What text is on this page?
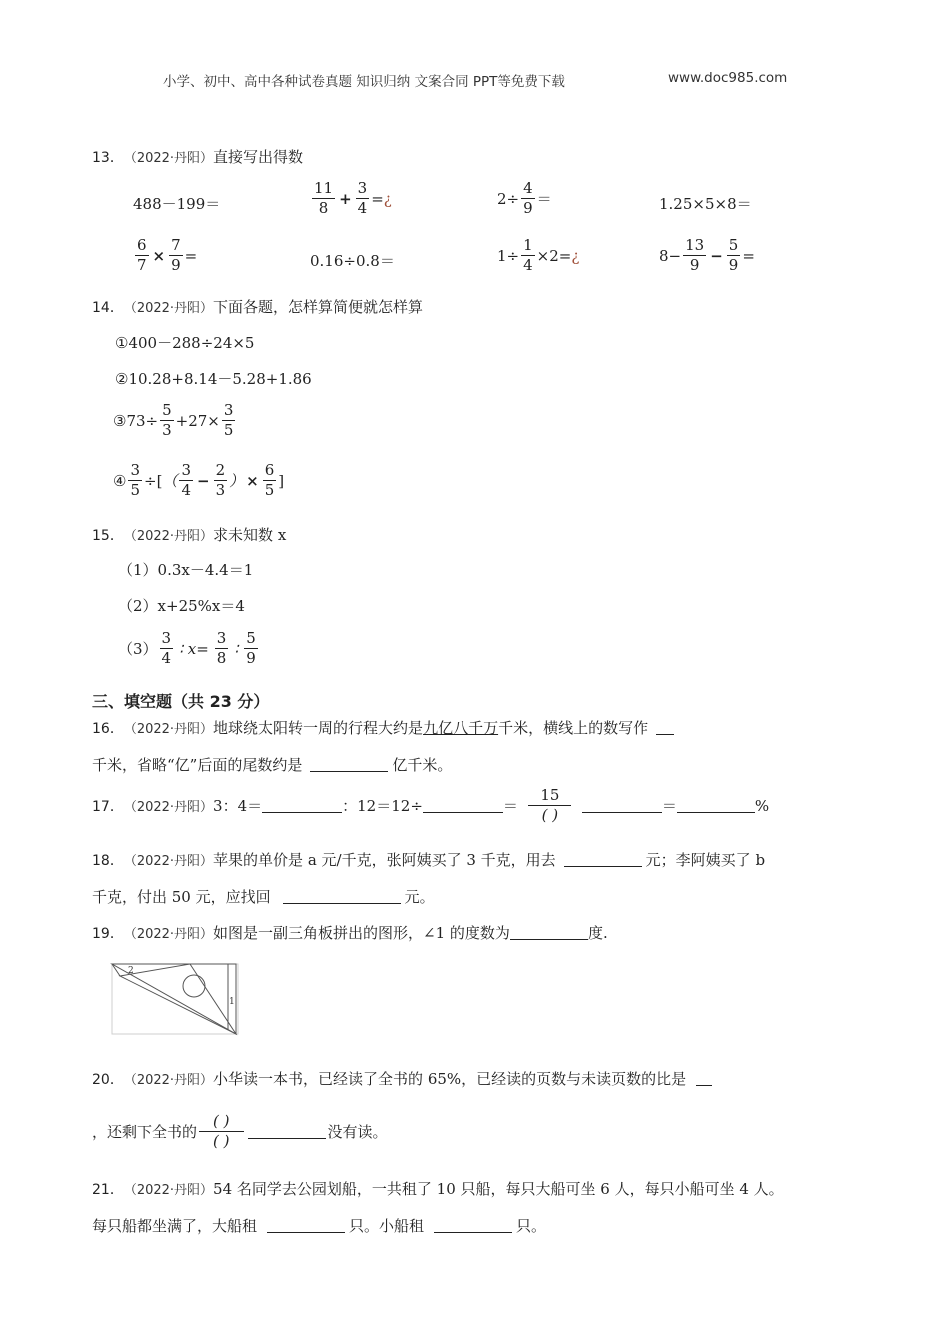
小学、初中、高中各种试卷真题 知识归纳 文案合同 PPT等免费下载	www.doc985.com
13． （2022·丹阳） 直接写出得数
488－199＝	$\frac{11}{8} + \frac{3}{4}$ = ¿	$2\div \frac{4}{9}$ ＝	1.25×5×8＝
$\frac{6}{7} \times \frac{7}{9}$ =	0.16÷0.8＝	$1\div \frac{1}{4} \times 2=$ ¿	$8- \frac{13}{9} - \frac{5}{9}$ =
14． （2022·丹阳） 下面各题，怎样算简便就怎样算
①400－288÷24×5
②10.28+8.14－5.28+1.86
③73÷ $\frac{5}{3} +27\times \frac{3}{5}$
④ $\frac{3}{5}$ ÷[ （ $\frac{3}{4} - \frac{2}{3}$ ） × $\frac{6}{5}$ ]
15． （2022·丹阳） 求未知数 x
（1）0.3x－4.4＝1
（2）x+25%x＝4
$(3) \frac{3}{4}$ ∶ $x= \frac{3}{8}$ ∶ $\frac{5}{9}$
三、填空题（共 23 分）
16． （2022·丹阳） 地球绕太阳转一周的行程大约是 九亿八千万 千米，横线上的数写作
千米，省略“亿”后面的尾数约是	亿千米。
17． （2022·丹阳） 3：4＝	：12＝12÷	＝ $\frac{15}{( )}$	＝	%
18． （2022·丹阳） 苹果的单价是 a 元/千克，张阿姨买了 3 千克，用去	元；李阿姨买了 b
千克，付出 50 元，应找回	元。
19． （2022·丹阳） 如图是一副三角板拼出的图形，∠1 的度数为	度.
2
1
20． （2022·丹阳） 小华读一本书，已经读了全书的 65%，已经读的页数与未读页数的比是
，还剩下全书的 $\frac{( )}{( )}$	没有读。
21． （2022·丹阳） 54 名同学去公园划船，一共租了 10 只船，每只大船可坐 6 人，每只小船可坐 4 人。
每只船都坐满了，大船租	只。小船租	只。
